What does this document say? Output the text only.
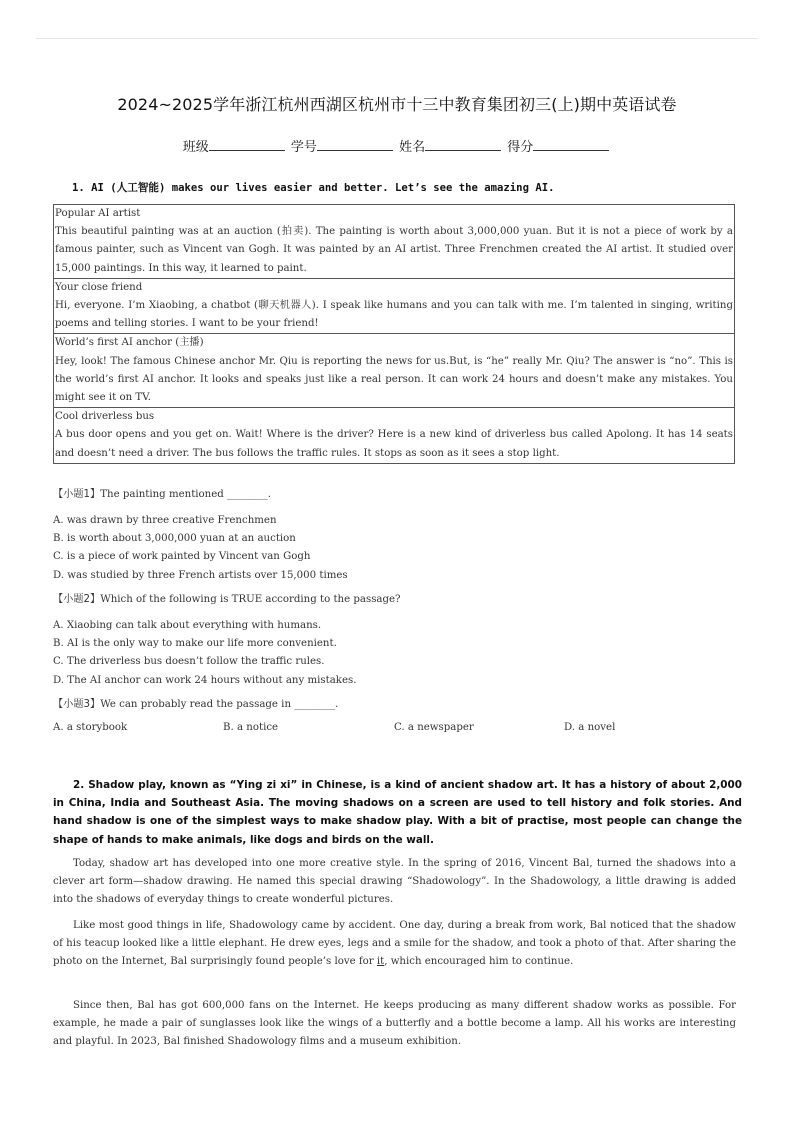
2024~2025学年浙江杭州西湖区杭州市十三中教育集团初三(上)期中英语试卷
班级	学号	姓名	得分
1. AI (人工智能) makes our lives easier and better. Let’s see the amazing AI.
Popular AI artist
This beautiful painting was at an auction (拍卖). The painting is worth about 3,000,000 yuan. But it is not a piece of work by a famous painter, such as Vincent van Gogh. It was painted by an AI artist. Three Frenchmen created the AI artist. It studied over 15,000 paintings. In this way, it learned to paint.

Your close friend
Hi, everyone. I’m Xiaobing, a chatbot (聊天机器人). I speak like humans and you can talk with me. I’m talented in singing, writing poems and telling stories. I want to be your friend!

World’s first AI anchor (主播)
Hey, look! The famous Chinese anchor Mr. Qiu is reporting the news for us.But, is “he” really Mr. Qiu? The answer is “no”. This is the world’s first AI anchor. It looks and speaks just like a real person. It can work 24 hours and doesn’t make any mistakes. You might see it on TV.

Cool driverless bus
A bus door opens and you get on. Wait! Where is the driver? Here is a new kind of driverless bus called Apolong. It has 14 seats and doesn’t need a driver. The bus follows the traffic rules. It stops as soon as it sees a stop light.
【小题1】The painting mentioned ________.
A. was drawn by three creative Frenchmen
B. is worth about 3,000,000 yuan at an auction
C. is a piece of work painted by Vincent van Gogh
D. was studied by three French artists over 15,000 times
【小题2】Which of the following is TRUE according to the passage?
A. Xiaobing can talk about everything with humans.
B. AI is the only way to make our life more convenient.
C. The driverless bus doesn’t follow the traffic rules.
D. The AI anchor can work 24 hours without any mistakes.
【小题3】We can probably read the passage in ________.
A. a storybook	B. a notice	C. a newspaper	D. a novel
2. Shadow play, known as “Ying zi xi” in Chinese, is a kind of ancient shadow art. It has a history of about 2,000 in China, India and Southeast Asia. The moving shadows on a screen are used to tell history and folk stories. And hand shadow is one of the simplest ways to make shadow play. With a bit of practise, most people can change the shape of hands to make animals, like dogs and birds on the wall.
Today, shadow art has developed into one more creative style. In the spring of 2016, Vincent Bal, turned the shadows into a clever art form—shadow drawing. He named this special drawing “Shadowology”. In the Shadowology, a little drawing is added into the shadows of everyday things to create wonderful pictures.
Like most good things in life, Shadowology came by accident. One day, during a break from work, Bal noticed that the shadow of his teacup looked like a little elephant. He drew eyes, legs and a smile for the shadow, and took a photo of that. After sharing the photo on the Internet, Bal surprisingly found people’s love for it, which encouraged him to continue.
Since then, Bal has got 600,000 fans on the Internet. He keeps producing as many different shadow works as possible. For example, he made a pair of sunglasses look like the wings of a butterfly and a bottle become a lamp. All his works are interesting and playful. In 2023, Bal finished Shadowology films and a museum exhibition.
